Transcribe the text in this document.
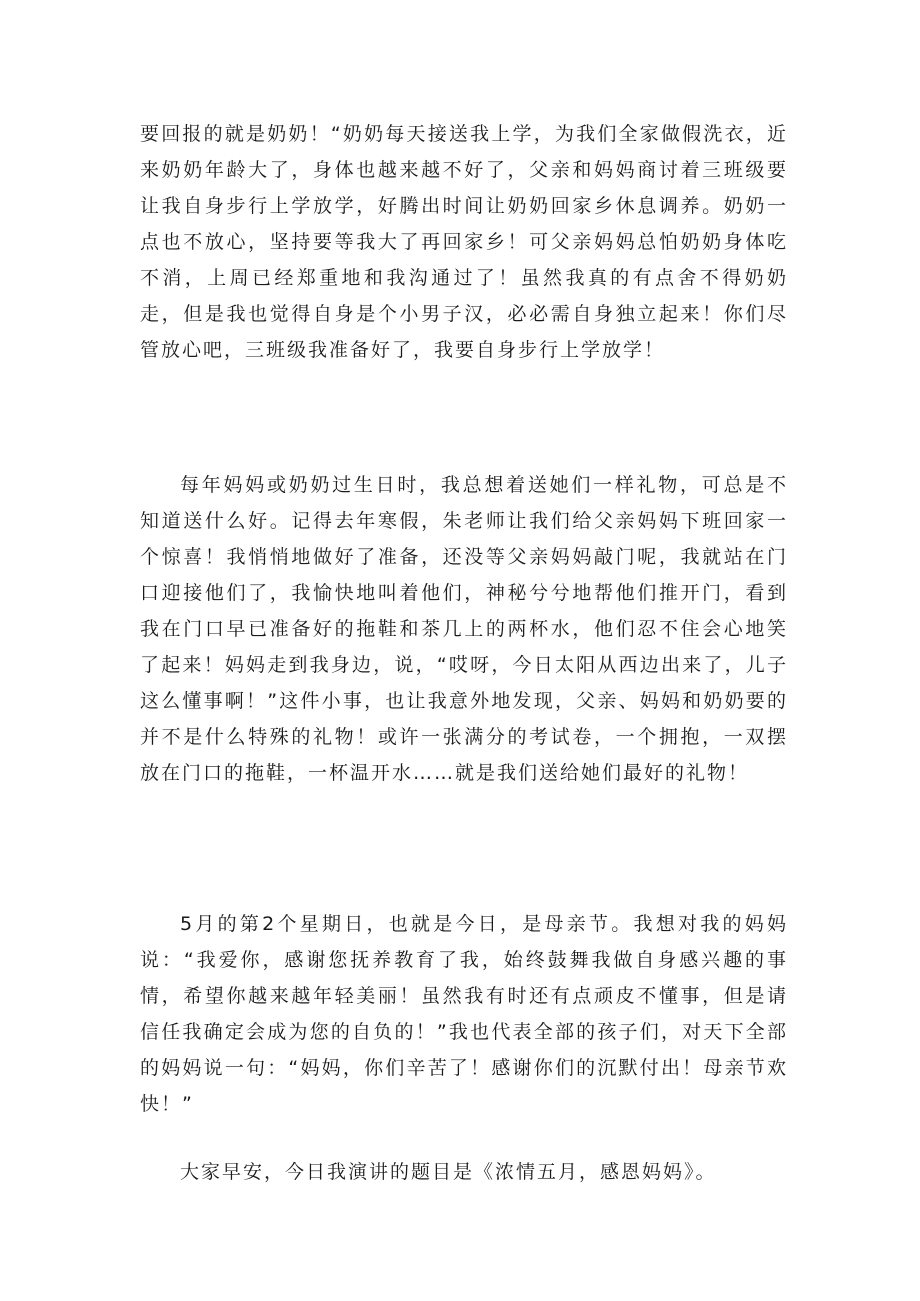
要回报的就是奶奶！“奶奶每天接送我上学，为我们全家做假洗衣，近来奶奶年龄大了，身体也越来越不好了，父亲和妈妈商讨着三班级要让我自身步行上学放学，好腾出时间让奶奶回家乡休息调养。奶奶一点也不放心，坚持要等我大了再回家乡！可父亲妈妈总怕奶奶身体吃不消，上周已经郑重地和我沟通过了！虽然我真的有点舍不得奶奶走，但是我也觉得自身是个小男子汉，必必需自身独立起来！你们尽管放心吧，三班级我准备好了，我要自身步行上学放学！

每年妈妈或奶奶过生日时，我总想着送她们一样礼物，可总是不知道送什么好。记得去年寒假，朱老师让我们给父亲妈妈下班回家一个惊喜！我悄悄地做好了准备，还没等父亲妈妈敲门呢，我就站在门口迎接他们了，我愉快地叫着他们，神秘兮兮地帮他们推开门，看到我在门口早已准备好的拖鞋和茶几上的两杯水，他们忍不住会心地笑了起来！妈妈走到我身边，说，“哎呀，今日太阳从西边出来了，儿子这么懂事啊！”这件小事，也让我意外地发现，父亲、妈妈和奶奶要的并不是什么特殊的礼物！或许一张满分的考试卷，一个拥抱，一双摆放在门口的拖鞋，一杯温开水……就是我们送给她们最好的礼物！

5月的第2个星期日，也就是今日，是母亲节。我想对我的妈妈说：“我爱你，感谢您抚养教育了我，始终鼓舞我做自身感兴趣的事情，希望你越来越年轻美丽！虽然我有时还有点顽皮不懂事，但是请信任我确定会成为您的自负的！”我也代表全部的孩子们，对天下全部的妈妈说一句：“妈妈，你们辛苦了！感谢你们的沉默付出！母亲节欢快！”

大家早安，今日我演讲的题目是《浓情五月，感恩妈妈》。
